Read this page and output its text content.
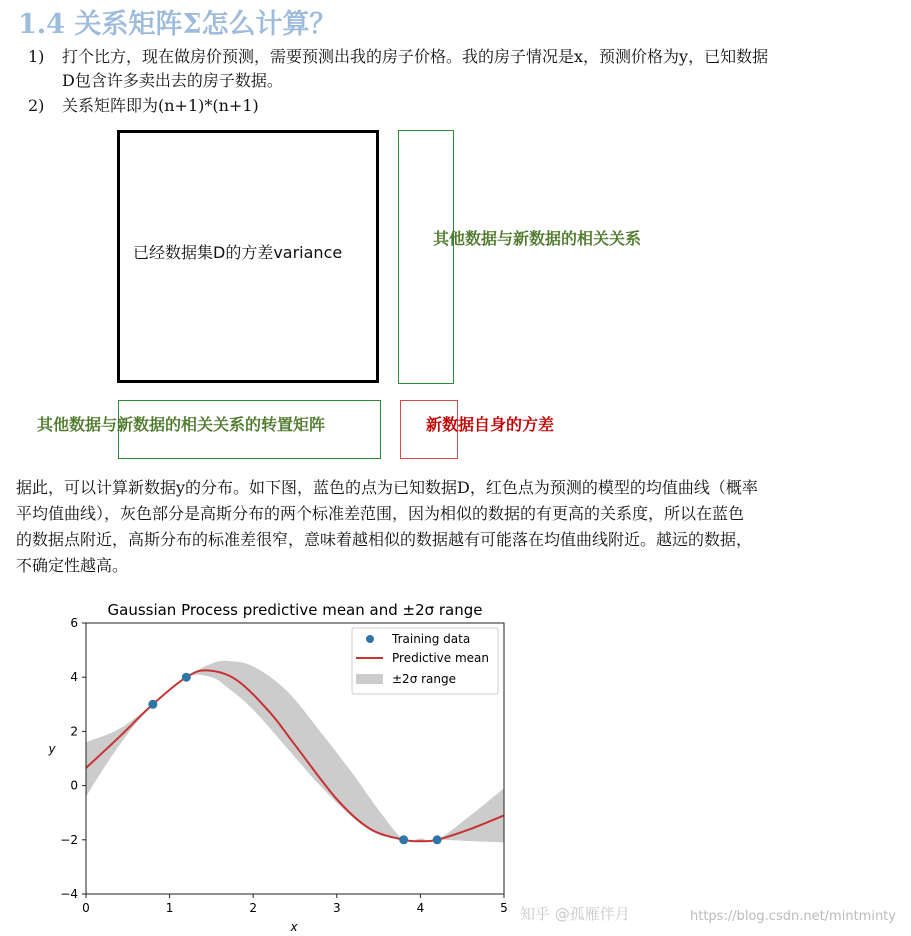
1.4 关系矩阵Σ怎么计算？
1) 打个比方，现在做房价预测，需要预测出我的房子价格。我的房子情况是x，预测价格为y，已知数据
D包含许多卖出去的房子数据。
2) 关系矩阵即为(n+1)*(n+1)
已经数据集D的方差variance
其他数据与新数据的相关关系
其他数据与新数据的相关关系的转置矩阵	新数据自身的方差
据此，可以计算新数据y的分布。如下图，蓝色的点为已知数据D，红色点为预测的模型的均值曲线（概率
平均值曲线），灰色部分是高斯分布的两个标准差范围，因为相似的数据的有更高的关系度，所以在蓝色
的数据点附近，高斯分布的标准差很窄，意味着越相似的数据越有可能落在均值曲线附近。越远的数据，
不确定性越高。
Gaussian Process predictive mean and ±2σ range
0	1	2	3	4	5
−4
−2
0
2
4
6
x
y
Training data
Predictive mean
±2σ range
知乎 @孤雁伴月	https://blog.csdn.net/mintminty
